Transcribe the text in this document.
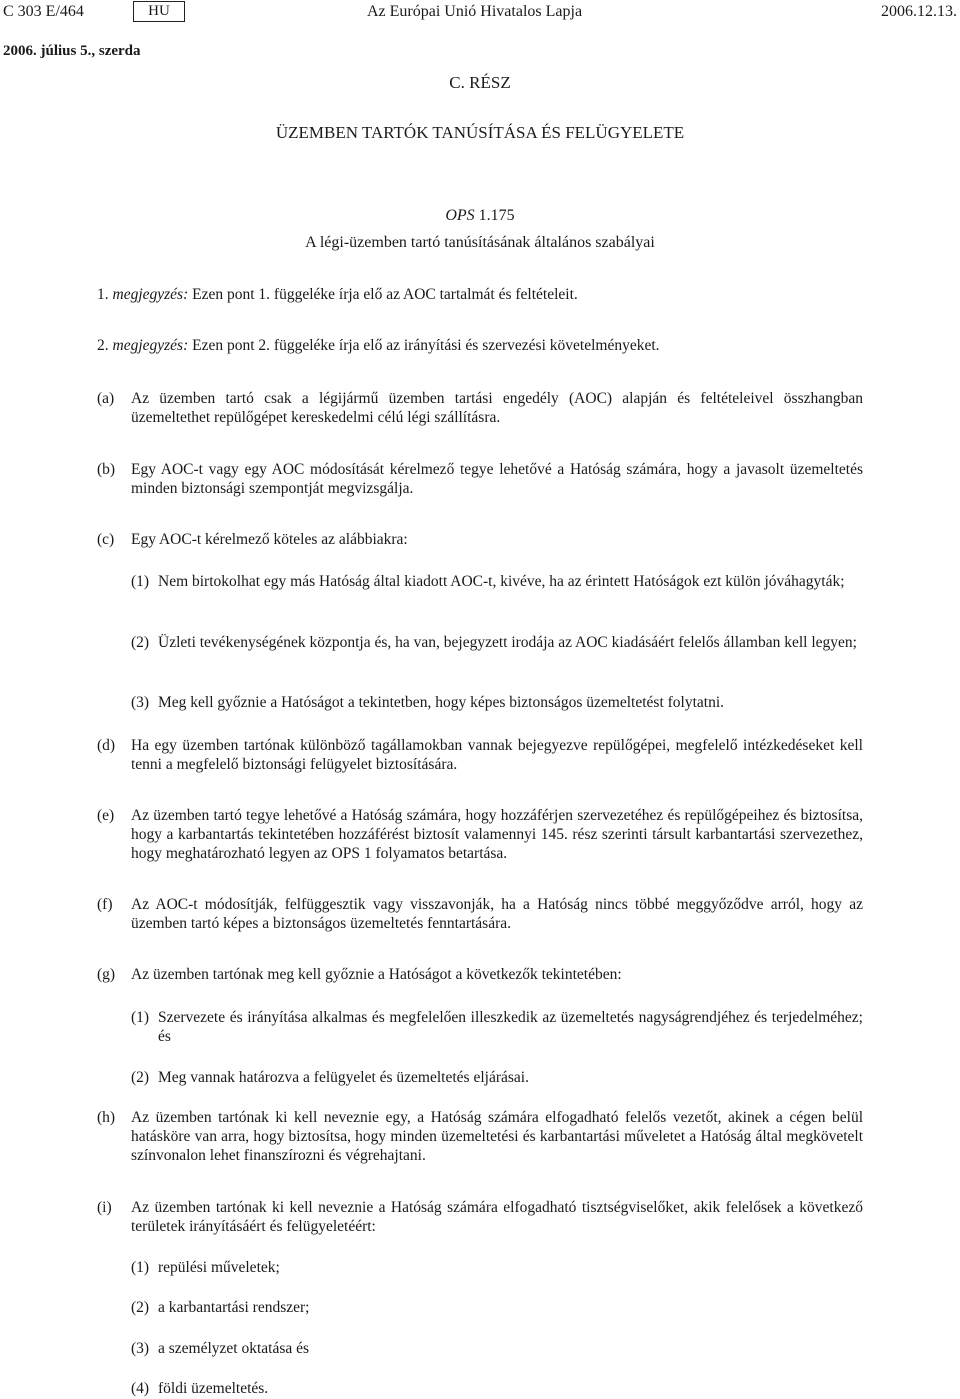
C 303 E/464	HU	Az Európai Unió Hivatalos Lapja	2006.12.13.
2006. július 5., szerda
C. RÉSZ
ÜZEMBEN TARTÓK TANÚSÍTÁSA ÉS FELÜGYELETE
OPS 1.175
A légi-üzemben tartó tanúsításának általános szabályai
1. megjegyzés: Ezen pont 1. függeléke írja elő az AOC tartalmát és feltételeit.
2. megjegyzés: Ezen pont 2. függeléke írja elő az irányítási és szervezési követelményeket.
(a)	Az üzemben tartó csak a légijármű üzemben tartási engedély (AOC) alapján és feltételeivel összhangban üzemeltethet repülőgépet kereskedelmi célú légi szállításra.
(b)	Egy AOC-t vagy egy AOC módosítását kérelmező tegye lehetővé a Hatóság számára, hogy a javasolt üzemeltetés minden biztonsági szempontját megvizsgálja.
(c)	Egy AOC-t kérelmező köteles az alábbiakra:
(1) Nem birtokolhat egy más Hatóság által kiadott AOC-t, kivéve, ha az érintett Hatóságok ezt külön jóváhagyták;
(2) Üzleti tevékenységének központja és, ha van, bejegyzett irodája az AOC kiadásáért felelős államban kell legyen;
(3) Meg kell győznie a Hatóságot a tekintetben, hogy képes biztonságos üzemeltetést folytatni.
(d)	Ha egy üzemben tartónak különböző tagállamokban vannak bejegyezve repülőgépei, megfelelő intézkedéseket kell tenni a megfelelő biztonsági felügyelet biztosítására.
(e)	Az üzemben tartó tegye lehetővé a Hatóság számára, hogy hozzáférjen szervezetéhez és repülőgépeihez és biztosítsa, hogy a karbantartás tekintetében hozzáférést biztosít valamennyi 145. rész szerinti társult karbantartási szervezethez, hogy meghatározható legyen az OPS 1 folyamatos betartása.
(f)	Az AOC-t módosítják, felfüggesztik vagy visszavonják, ha a Hatóság nincs többé meggyőződve arról, hogy az üzemben tartó képes a biztonságos üzemeltetés fenntartására.
(g)	Az üzemben tartónak meg kell győznie a Hatóságot a következők tekintetében:
(1) Szervezete és irányítása alkalmas és megfelelően illeszkedik az üzemeltetés nagyságrendjéhez és terjedelméhez; és
(2) Meg vannak határozva a felügyelet és üzemeltetés eljárásai.
(h)	Az üzemben tartónak ki kell neveznie egy, a Hatóság számára elfogadható felelős vezetőt, akinek a cégen belül hatásköre van arra, hogy biztosítsa, hogy minden üzemeltetési és karbantartási műveletet a Hatóság által megkövetelt színvonalon lehet finanszírozni és végrehajtani.
(i)	Az üzemben tartónak ki kell neveznie a Hatóság számára elfogadható tisztségviselőket, akik felelősek a következő területek irányításáért és felügyeletéért:
(1) repülési műveletek;
(2) a karbantartási rendszer;
(3) a személyzet oktatása és
(4) földi üzemeltetés.
